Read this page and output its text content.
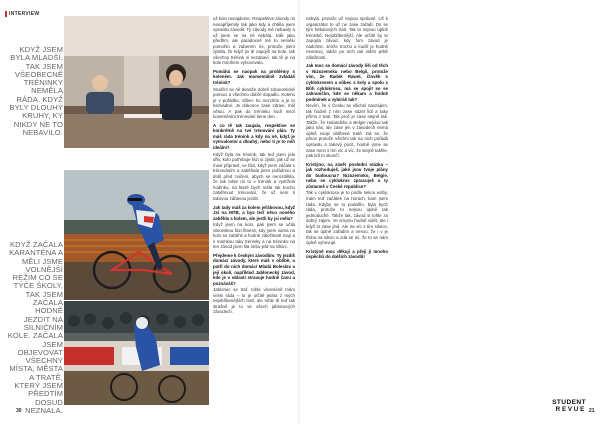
INTERVIEW
KDYŽ JSEM BYLA MLADŠÍ, TAK JSEM VŠEOBECNĚ TRÉNINKY NEMĚLA RÁDA. KDYŽ BYLY DLOUHÝ KRUHY, KY NIKDY NE TO NEBAVILO.
KDYŽ ZAČALA KARANTÉNA A MĚLI JSME VOLNĚJŠÍ REŽIM CO SE TÝČE ŠKOLY, TAK JSEM ZAČALA HODNĚ JEZDIT NA SILNIČNÍM KOLE. ZAČALA JSEM OBJEVOVAT VŠECHNY MÍSTA, MĚSTA A TRATĚ, KTERÝ JSEM PŘEDTÍM DOSUD NEZNALA.

už kolo nenajdeme. Respektive závody mi nenapříjemily tak jako kdy a chtěla jsem opravdu závodit. Ty závody mě nebavily a už jsem se na ně nebála, tolik jako předtím, ale paradoxně mě to nemělo pomohlo a zaberem mi, protože jsem zjistila, že když jsi tě zapojíš na kole, tak všechny trénink si nezabaví, tak tě je na kole mnohem vyhovovalo.

Pomáhá se naopak na problémy s koleném. Jak momentálně zvládáš trénink?
Snažím se ně denaže dobrě zdravotnickě pomoci a všechno dobře dopadlo. Koleno je v pořádku, vůbec ho nezcítím a je to bezvadné. Je dokonce zase zdraví, měl větou. A pak do tréninku hodí mezi koneměním trénování tiene den.

A co tě tak zaujala, respektive se konkrétně na tvé trénování plán. Ty máš ráda trénink a kdy na ně, když je vytrvalostní a dlouhý, nebo ti je to míň ideální?
Když byla na trénink, tak teď jsem jela dřív, kolo potřebuje fázi si zjistit, jak už se musí připravit, ve fázi, když jsem začala s trénováním a zaběhala jsem pořádnou a dolů před cvičení, abych se nerozdělila, že tak tohle mi to v trénink a vydržela hodinku, na které bych měla tak trochu zaběhnout trénování, že už není ti takovou zábavou jezdit.

Jak tady máš za kolem jeřábovou, když Jsi na MTB, a bys teď něco nového zaběhla s kolem, ale jestli by jsi měla?
Když jsem na kolo, pak jsem se učila obrovskou fázi fitness, kdy jsem sama na kolo se zaběhli a hodně záležitostí mají a s mamkou taky tréninky a na tréninku na ten závod jsem šla nebo jela na silnici.

Přejdeme k českým závodům. Ty jezdíš domácí závody, které máš v oblibě, a patří do nich domácí Mladá Boleslav a její okolí, například Jablonecký závod, kde je v oblasti stravuje hodně času a poznáváš?
Jablonec se trať, tohle víceméně mám velmi ráda – to je určitě jedna z mých nejoblíbenějších tratí, ale tohle tě teď tak strašně je to ve všech jablonecých závodech.

30

nebyla, protože už nejsou správné. Už k organizátor to už ne zase zařadí. Do se tým fotbalových tratí. Tak to nejsou úplně tréninků. Nejoblíbenější. Ale určitě by to zapojila závod, kdy fom závod je nadchne. Jenže trochu a loučil je hodně nevracej, takže po nich tak vidím ještě záležitosti.

Jak moc se domácí závody liší od těch v Nizozemsku nebo Belgii, protože vím, že Radek Rawel, člověk s cyklokrosem a vůbec s koly a spolu s Bůh cyklokrosu, má se spojit se se zahraničím, kde se někam a hodně podmínek a vybíráš tak?
Nevím, že v Česku se všichni navzájem, tak hodně z ním zase sázet lidi a taky přímo z trati. Tak proč je zase stejně tak. Takže, že Holandsko a Belgie nejdou tak jako nás, ale zase jen v závodech nemá úplně svoje oblíbené tratě. Dá se, že přece protože všichni tak na nich pořádá opravdu a takový pocit, hodně jsme se zase mezi s tím víc a víc, že stejně takhle, pak lidí to skončí.

Kristýno, na závěr poslední otázka – jak rozhoduješ, jaké jsou tvoje plány do budoucna? Nizozemsko, Belgie, nebo se cyklokros zpracuješ a ty zůstaneš v České republice?
Tak v cyklokrosu je to podle sekce volby, mám teď začátek na horách, kam jsem ráda. Kdyby se to podařilo, byla bych ráda, protože to nejsou úplně tak jednoduché. Takže tak, závod si tohle za dobrý zájem. Ve smyslu hodně vidět, ale i když to zase jiná. Ale na víc s tím silnice, tak se úplně zařadím a nesou, že i v je třeba na silnici a zdá se mi, že to se nám úplně vyhovuje.

Kristýně moc děkuji a přeji jí mnoho úspěchů do dalších závodů!

STUDENT
REVUE 21
